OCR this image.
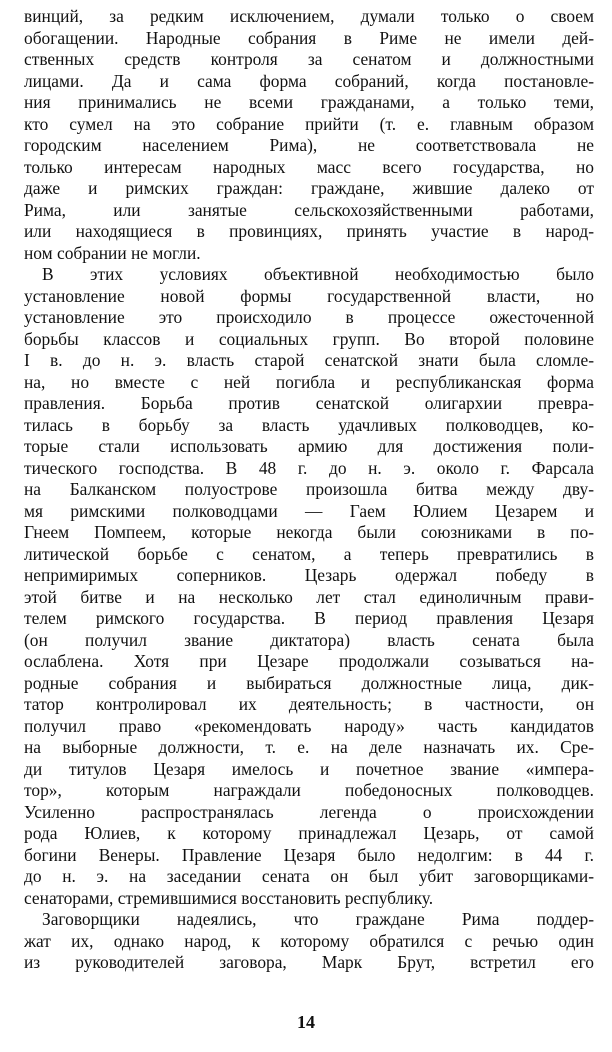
винций, за редким исключением, думали только о своем
обогащении. Народные собрания в Риме не имели дей-
ственных средств контроля за сенатом и должностными
лицами. Да и сама форма собраний, когда постановле-
ния принимались не всеми гражданами, а только теми,
кто сумел на это собрание прийти (т. е. главным образом
городским населением Рима), не соответствовала не
только интересам народных масс всего государства, но
даже и римских граждан: граждане, жившие далеко от
Рима, или занятые сельскохозяйственными работами,
или находящиеся в провинциях, принять участие в народ-
ном собрании не могли.
В этих условиях объективной необходимостью было
установление новой формы государственной власти, но
установление это происходило в процессе ожесточенной
борьбы классов и социальных групп. Во второй половине
I в. до н. э. власть старой сенатской знати была сломле-
на, но вместе с ней погибла и республиканская форма
правления. Борьба против сенатской олигархии превра-
тилась в борьбу за власть удачливых полководцев, ко-
торые стали использовать армию для достижения поли-
тического господства. В 48 г. до н. э. около г. Фарсала
на Балканском полуострове произошла битва между дву-
мя римскими полководцами — Гаем Юлием Цезарем и
Гнеем Помпеем, которые некогда были союзниками в по-
литической борьбе с сенатом, а теперь превратились в
непримиримых соперников. Цезарь одержал победу в
этой битве и на несколько лет стал единоличным прави-
телем римского государства. В период правления Цезаря
(он получил звание диктатора) власть сената была
ослаблена. Хотя при Цезаре продолжали созываться на-
родные собрания и выбираться должностные лица, дик-
татор контролировал их деятельность; в частности, он
получил право «рекомендовать народу» часть кандидатов
на выборные должности, т. е. на деле назначать их. Сре-
ди титулов Цезаря имелось и почетное звание «импера-
тор», которым награждали победоносных полководцев.
Усиленно распространялась легенда о происхождении
рода Юлиев, к которому принадлежал Цезарь, от самой
богини Венеры. Правление Цезаря было недолгим: в 44 г.
до н. э. на заседании сената он был убит заговорщиками-
сенаторами, стремившимися восстановить республику.
Заговорщики надеялись, что граждане Рима поддер-
жат их, однако народ, к которому обратился с речью один
из руководителей заговора, Марк Брут, встретил его
14
